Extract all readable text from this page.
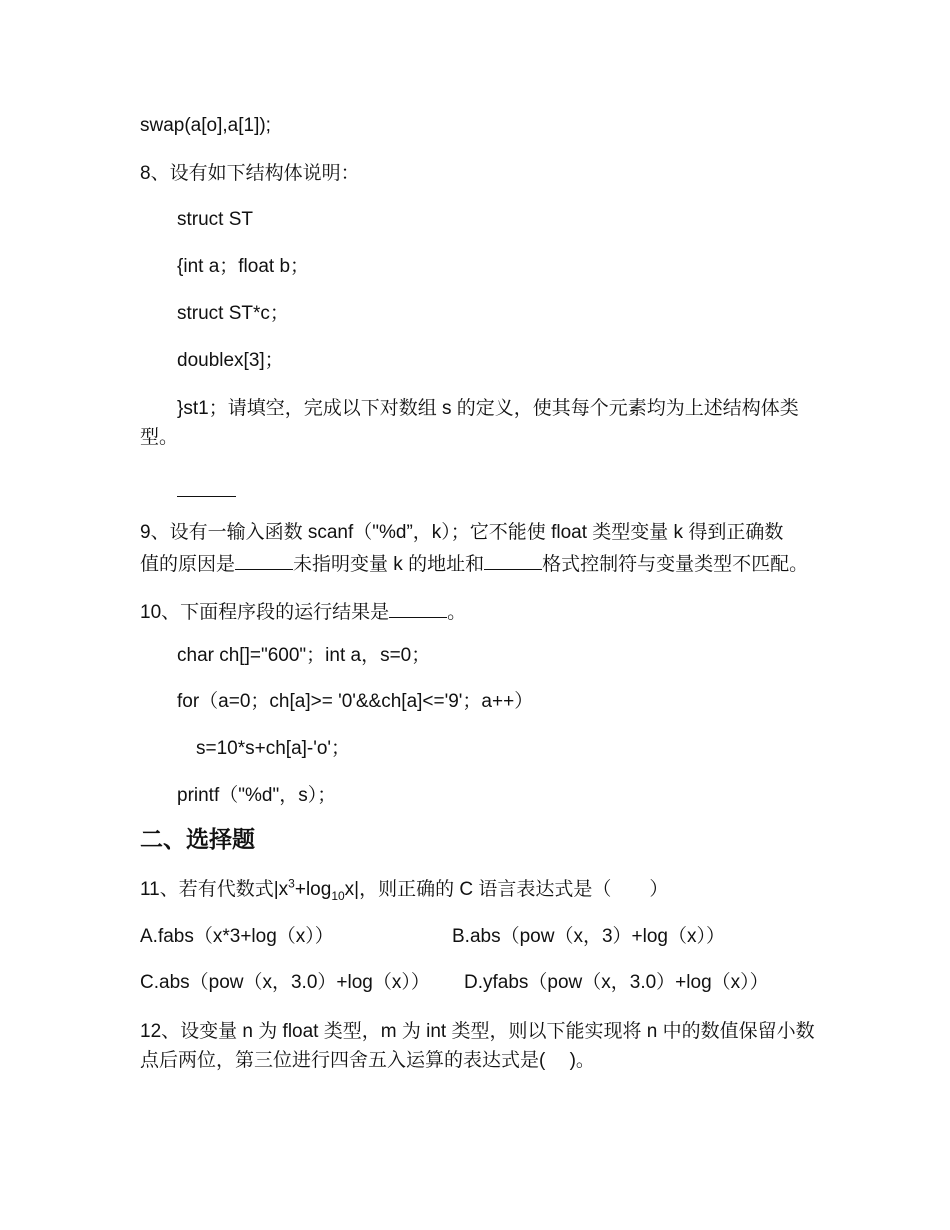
swap(a[o],a[1]);
8、设有如下结构体说明：
struct ST
{int a；float b；
struct ST*c；
doublex[3]；
}st1；请填空，完成以下对数组 s 的定义，使其每个元素均为上述结构体类
型。
9、设有一输入函数 scanf（"%d”，k）；它不能使 float 类型变量 k 得到正确数
值的原因是	未指明变量 k 的地址和	格式控制符与变量类型不匹配。
10、下面程序段的运行结果是	。
char ch[]="600"；int a，s=0；
for（a=0；ch[a]>= '0'&&ch[a]<='9'；a++）
s=10*s+ch[a]-'o'；
printf（"%d"，s）；
二、选择题
11、若有代数式$|x^3+\log_{10}x|$，则正确的 C 语言表达式是（　　）
A.fabs（x*3+log（x））	B.abs（pow（x，3）+log（x））
C.abs（pow（x，3.0）+log（x）） D.yfabs（pow（x，3.0）+log（x））
12、设变量 n 为 float 类型，m 为 int 类型，则以下能实现将 n 中的数值保留小数
点后两位，第三位进行四舍五入运算的表达式是(　 )。
